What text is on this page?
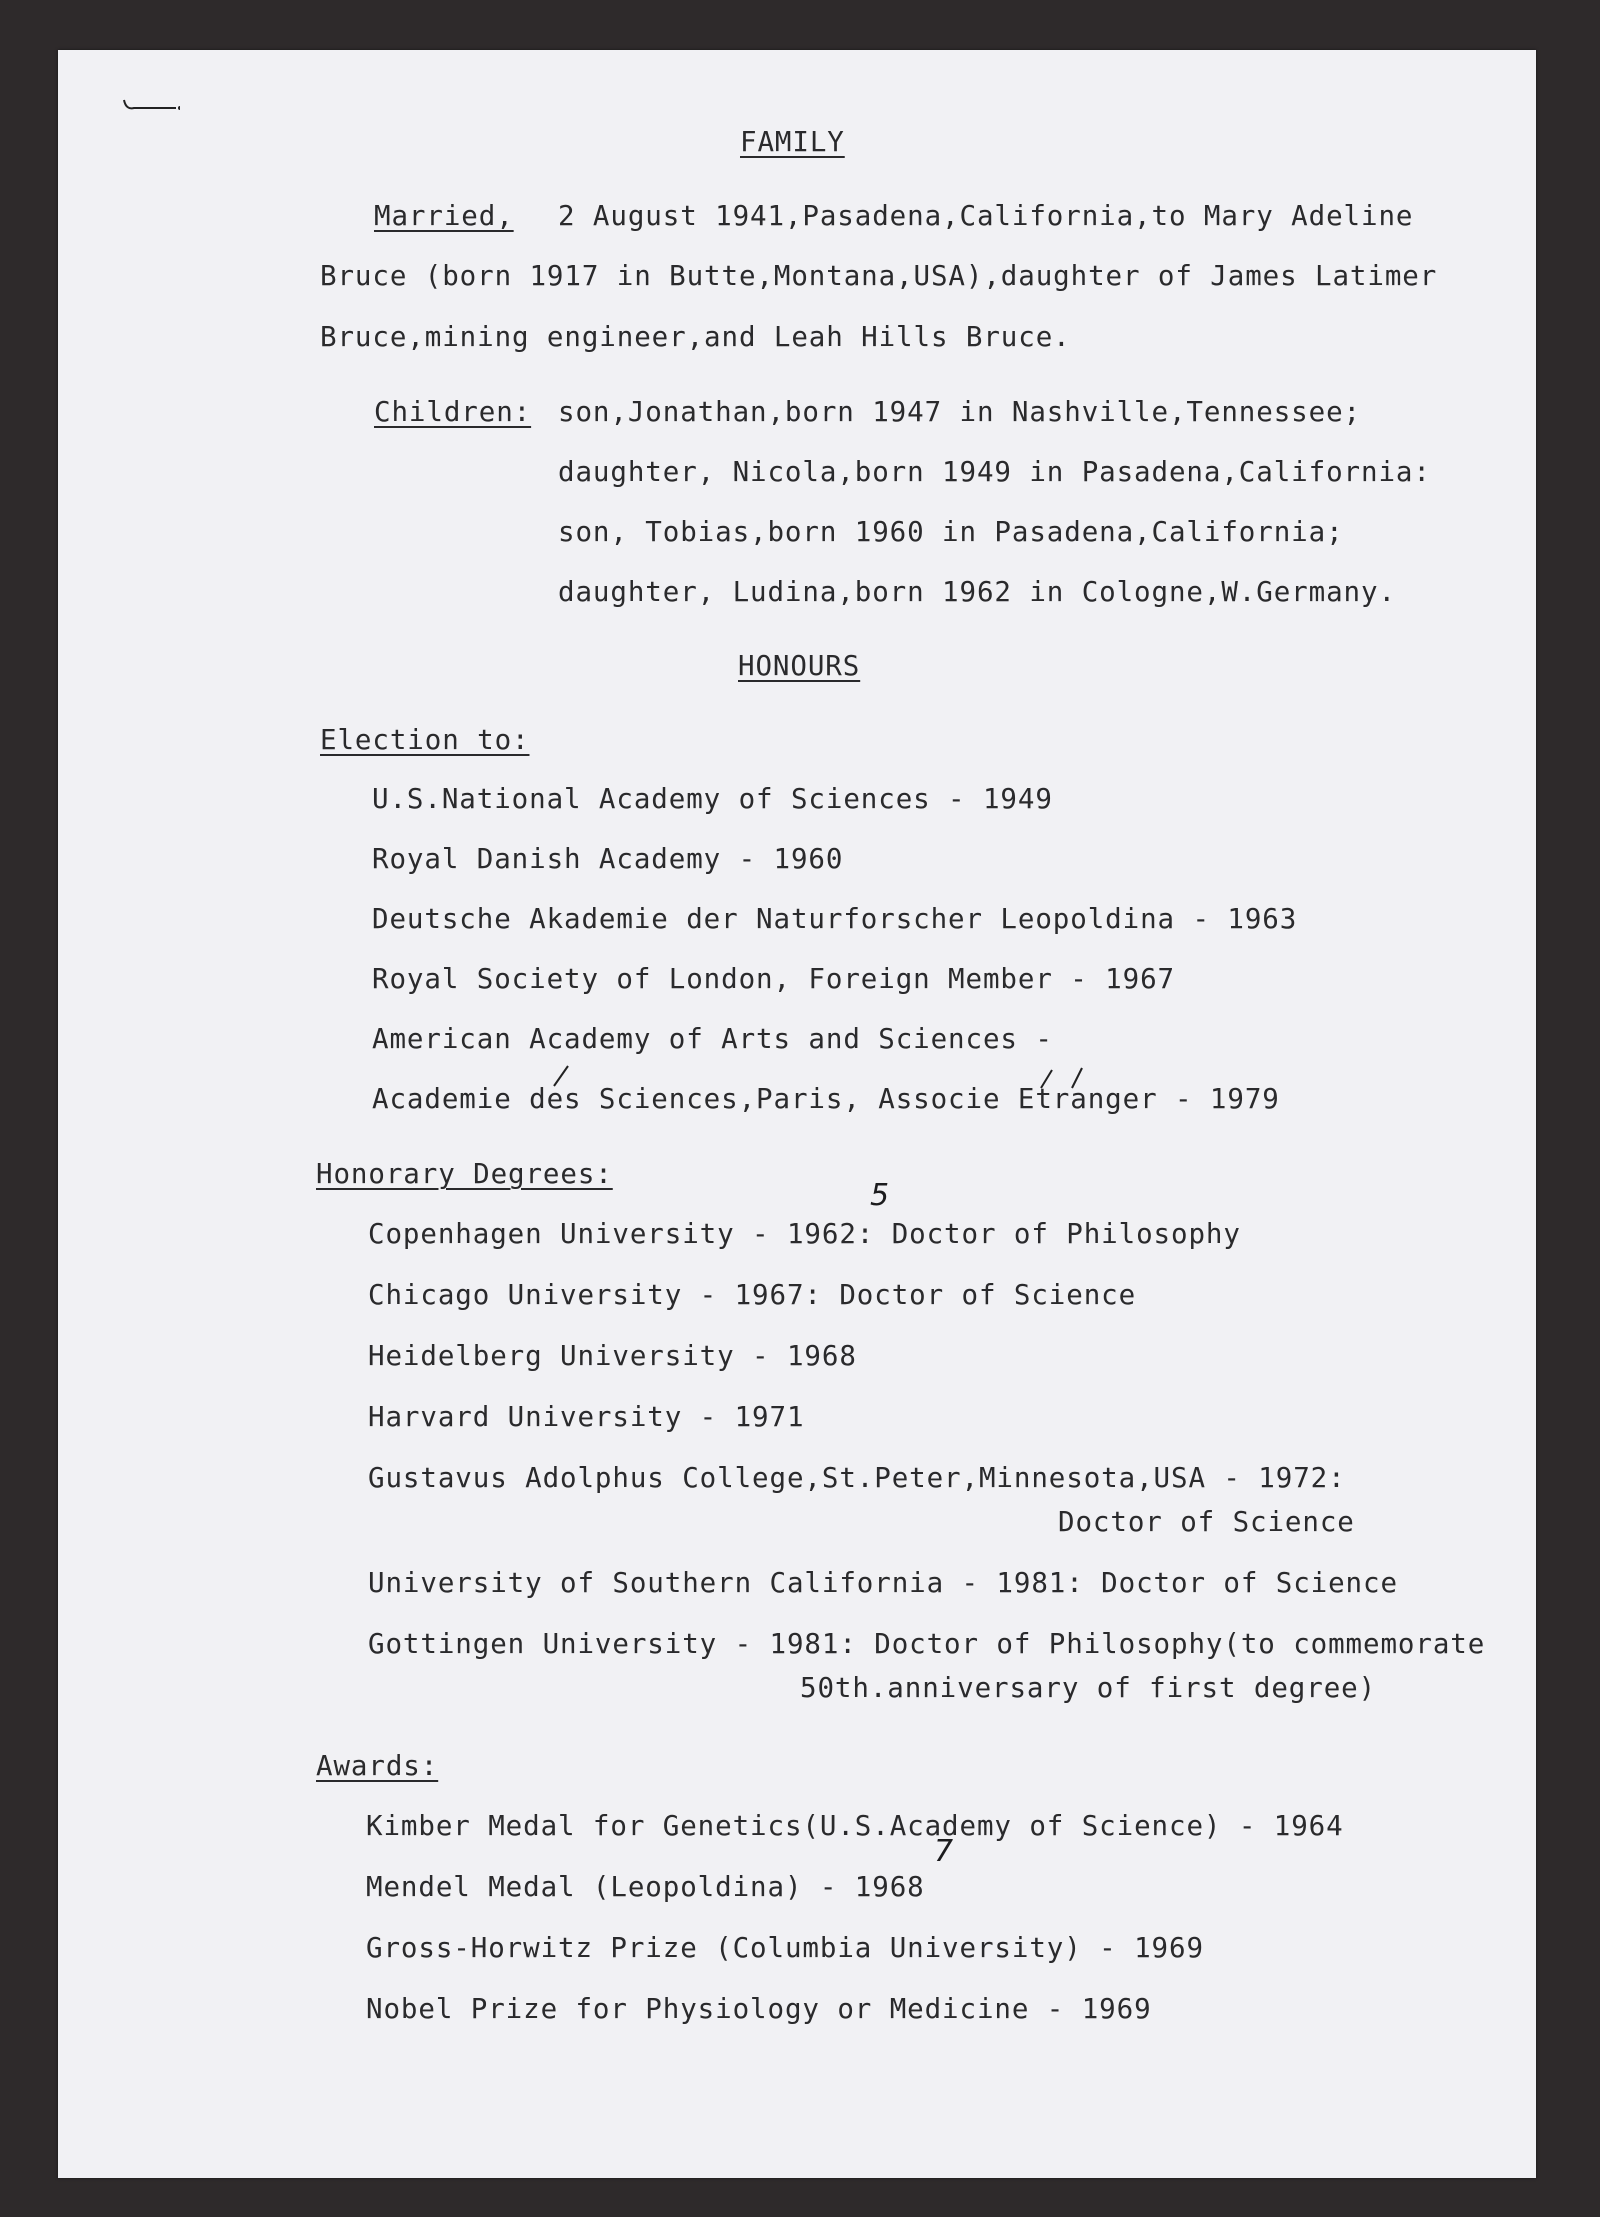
FAMILY
Married, 2 August 1941,Pasadena,California,to Mary Adeline
Bruce (born 1917 in Butte,Montana,USA),daughter of James Latimer
Bruce,mining engineer,and Leah Hills Bruce.
Children: son,Jonathan,born 1947 in Nashville,Tennessee;
daughter, Nicola,born 1949 in Pasadena,California:
son, Tobias,born 1960 in Pasadena,California;
daughter, Ludina,born 1962 in Cologne,W.Germany.
HONOURS
Election to:
U.S.National Academy of Sciences - 1949
Royal Danish Academy - 1960
Deutsche Akademie der Naturforscher Leopoldina - 1963
Royal Society of London, Foreign Member - 1967
American Academy of Arts and Sciences -
Academie des Sciences,Paris, Associe Etranger - 1979
Honorary Degrees:
Copenhagen University - 1962: Doctor of Philosophy
5
Chicago University - 1967: Doctor of Science
Heidelberg University - 1968
Harvard University - 1971
Gustavus Adolphus College,St.Peter,Minnesota,USA - 1972:
Doctor of Science
University of Southern California - 1981: Doctor of Science
Gottingen University - 1981: Doctor of Philosophy(to commemorate
50th.anniversary of first degree)
Awards:
Kimber Medal for Genetics(U.S.Academy of Science) - 1964
Mendel Medal (Leopoldina) - 1968
7
Gross-Horwitz Prize (Columbia University) - 1969
Nobel Prize for Physiology or Medicine - 1969
